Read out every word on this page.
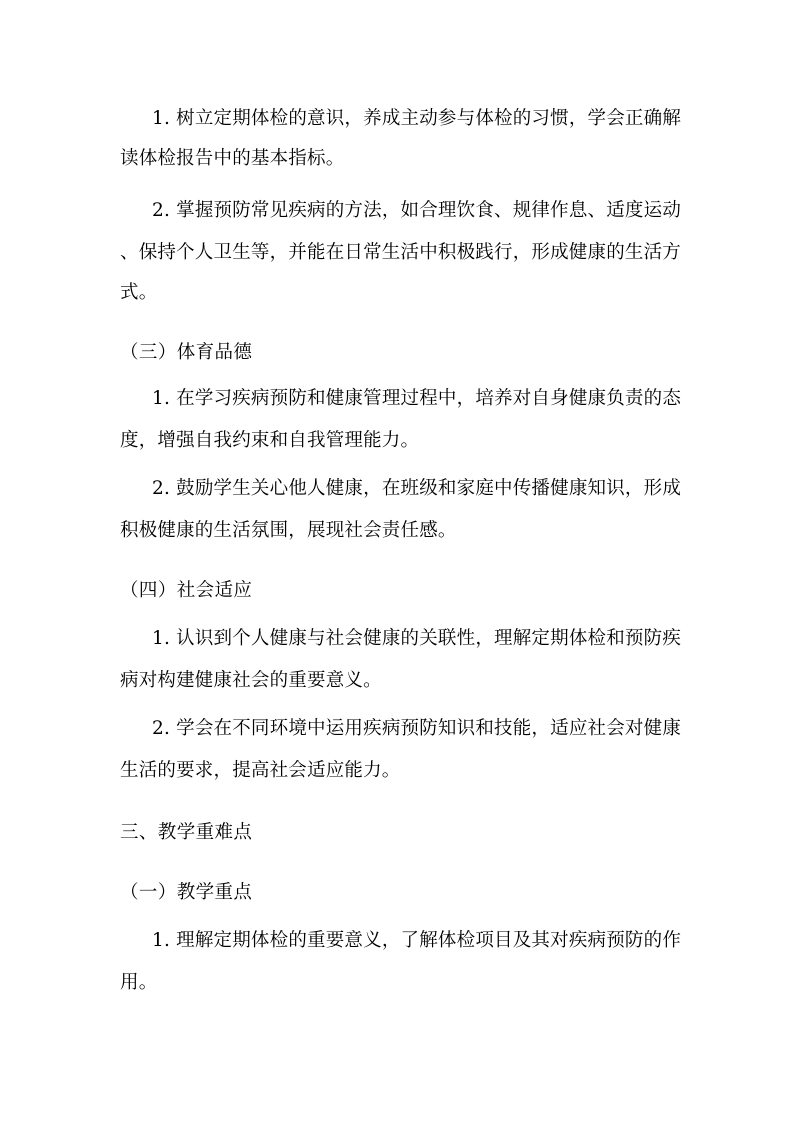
1. 树立定期体检的意识，养成主动参与体检的习惯，学会正确解
读体检报告中的基本指标。
2. 掌握预防常见疾病的方法，如合理饮食、规律作息、适度运动
、保持个人卫生等，并能在日常生活中积极践行，形成健康的生活方
式。
（三）体育品德
1. 在学习疾病预防和健康管理过程中，培养对自身健康负责的态
度，增强自我约束和自我管理能力。
2. 鼓励学生关心他人健康，在班级和家庭中传播健康知识，形成
积极健康的生活氛围，展现社会责任感。
（四）社会适应
1. 认识到个人健康与社会健康的关联性，理解定期体检和预防疾
病对构建健康社会的重要意义。
2. 学会在不同环境中运用疾病预防知识和技能，适应社会对健康
生活的要求，提高社会适应能力。
三、教学重难点
（一）教学重点
1. 理解定期体检的重要意义，了解体检项目及其对疾病预防的作
用。
